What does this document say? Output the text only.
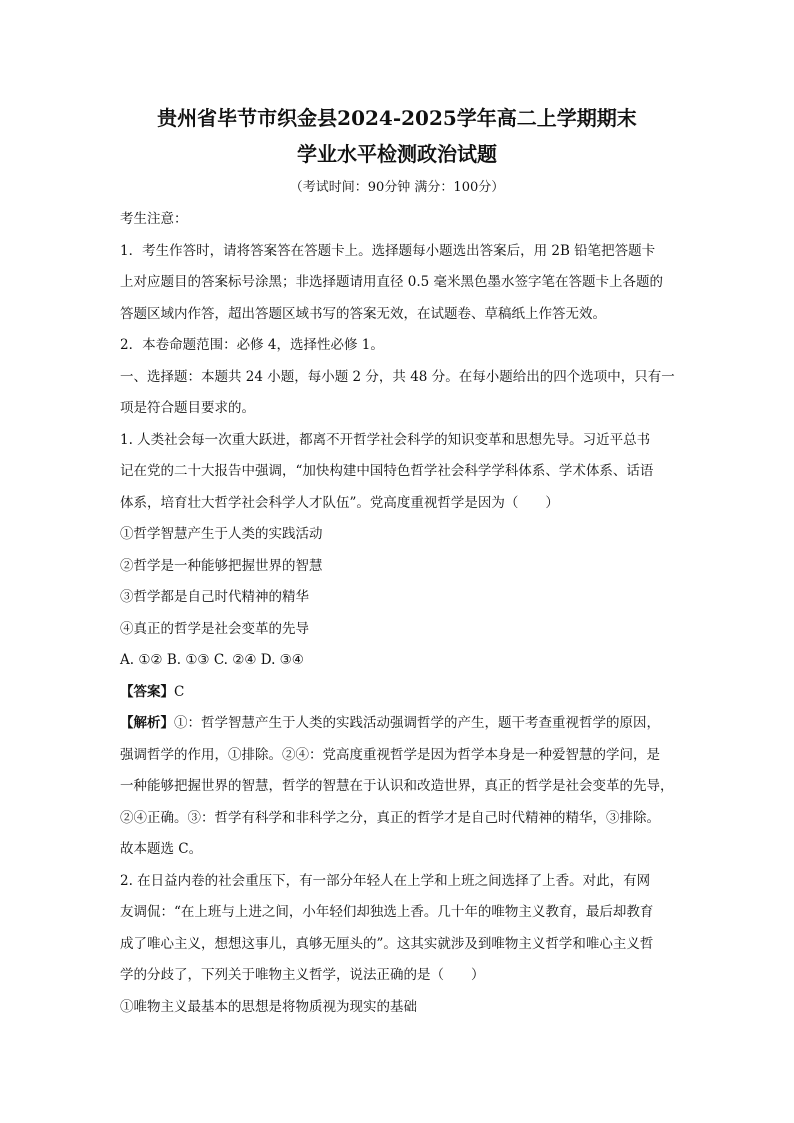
贵州省毕节市织金县2024-2025学年高二上学期期末
学业水平检测政治试题
（考试时间：90分钟 满分：100分）

考生注意：

1．考生作答时，请将答案答在答题卡上。选择题每小题选出答案后，用 2B 铅笔把答题卡
上对应题目的答案标号涂黑；非选择题请用直径 0.5 毫米黑色墨水签字笔在答题卡上各题的
答题区域内作答，超出答题区域书写的答案无效，在试题卷、草稿纸上作答无效。

2．本卷命题范围：必修 4，选择性必修 1。

一、选择题：本题共 24 小题，每小题 2 分，共 48 分。在每小题给出的四个选项中，只有一
项是符合题目要求的。

1. 人类社会每一次重大跃进，都离不开哲学社会科学的知识变革和思想先导。习近平总书
记在党的二十大报告中强调，“加快构建中国特色哲学社会科学学科体系、学术体系、话语
体系，培育壮大哲学社会科学人才队伍”。党高度重视哲学是因为（　　）

①哲学智慧产生于人类的实践活动

②哲学是一种能够把握世界的智慧

③哲学都是自己时代精神的精华

④真正的哲学是社会变革的先导

A. ①② B. ①③ C. ②④ D. ③④

【答案】C

【解析】①：哲学智慧产生于人类的实践活动强调哲学的产生，题干考查重视哲学的原因，
强调哲学的作用，①排除。②④：党高度重视哲学是因为哲学本身是一种爱智慧的学问，是
一种能够把握世界的智慧，哲学的智慧在于认识和改造世界，真正的哲学是社会变革的先导，
②④正确。③：哲学有科学和非科学之分，真正的哲学才是自己时代精神的精华，③排除。
故本题选 C。

2. 在日益内卷的社会重压下，有一部分年轻人在上学和上班之间选择了上香。对此，有网
友调侃：“在上班与上进之间，小年轻们却独选上香。几十年的唯物主义教育，最后却教育
成了唯心主义，想想这事儿，真够无厘头的”。这其实就涉及到唯物主义哲学和唯心主义哲
学的分歧了，下列关于唯物主义哲学，说法正确的是（　　）

①唯物主义最基本的思想是将物质视为现实的基础
